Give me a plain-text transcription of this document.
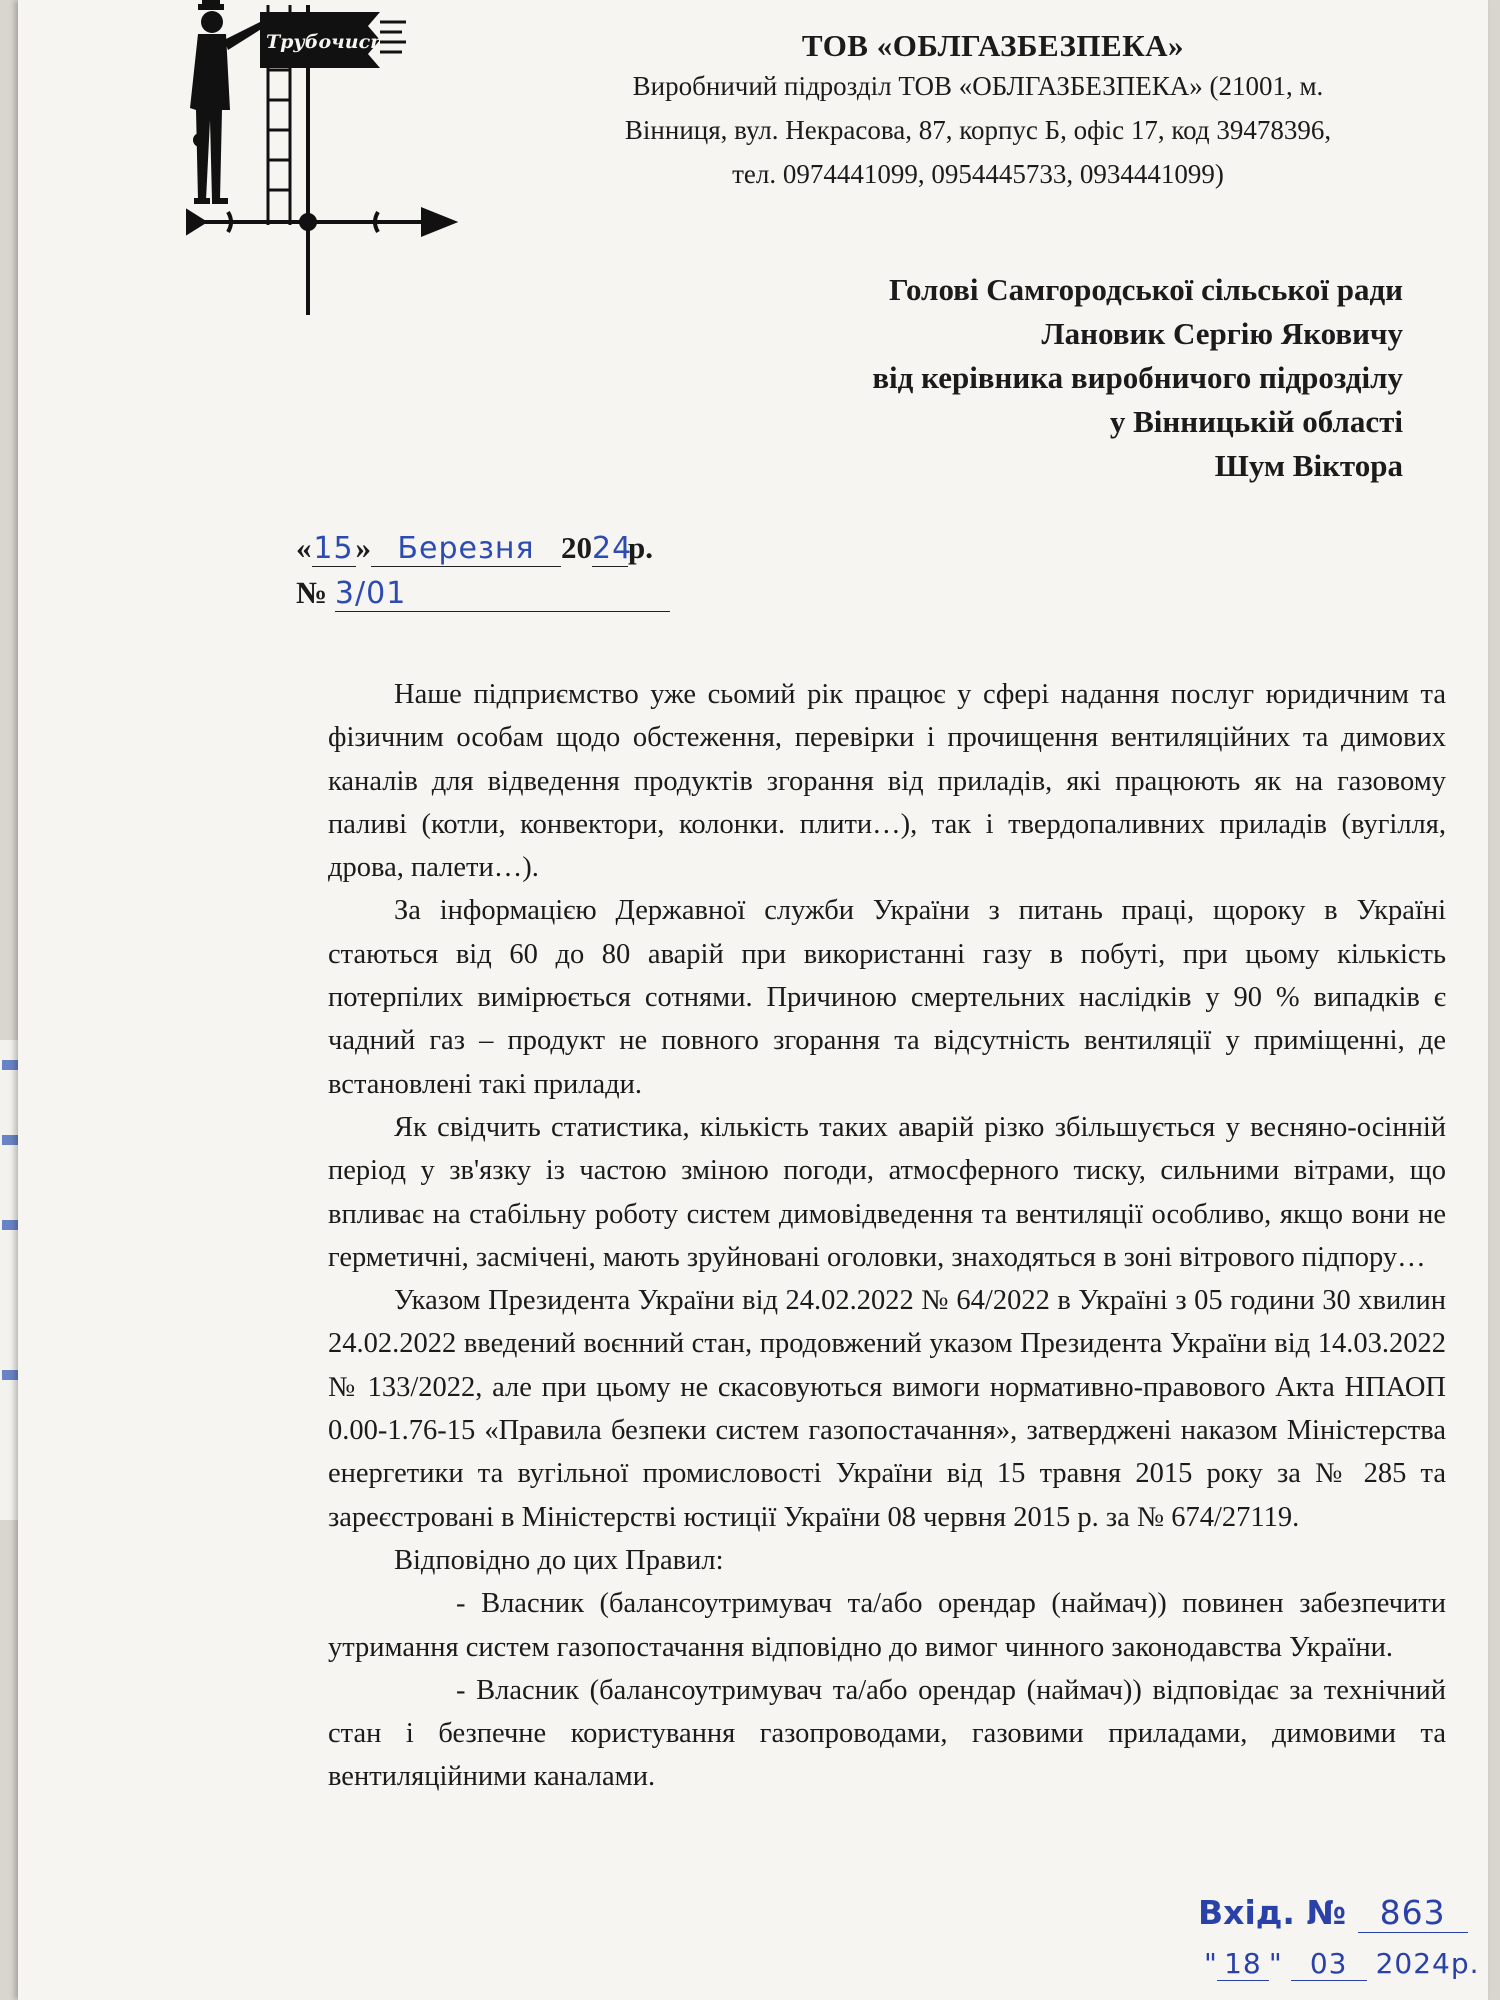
Трубочист	ТОВ «ОБЛГАЗБЕЗПЕКА»
Виробничий підрозділ ТОВ «ОБЛГАЗБЕЗПЕКА» (21001, м.
Вінниця, вул. Некрасова, 87, корпус Б, офіс 17, код 39478396,
тел. 0974441099, 0954445733, 0934441099)
Голові Самгородської сільської ради
Лановик Сергію Яковичу
від керівника виробничого підрозділу
у Вінницькій області
Шум Віктора
«15» Березня 2024р.
№ 3/01

Наше підприємство уже сьомий рік працює у сфері надання послуг юридичним та фізичним особам щодо обстеження, перевірки і прочищення вентиляційних та димових каналів для відведення продуктів згорання від приладів, які працюють як на газовому паливі (котли, конвектори, колонки. плити…), так і твердопаливних приладів (вугілля, дрова, палети…).

За інформацією Державної служби України з питань праці, щороку в Україні стаються від 60 до 80 аварій при використанні газу в побуті, при цьому кількість потерпілих вимірюється сотнями. Причиною смертельних наслідків у 90 % випадків є чадний газ – продукт не повного згорання та відсутність вентиляції у приміщенні, де встановлені такі прилади.

Як свідчить статистика, кількість таких аварій різко збільшується у весняно-осінній період у зв'язку із частою зміною погоди, атмосферного тиску, сильними вітрами, що впливає на стабільну роботу систем димовідведення та вентиляції особливо, якщо вони не герметичні, засмічені, мають зруйновані оголовки, знаходяться в зоні вітрового підпору…

Указом Президента України від 24.02.2022 № 64/2022 в Україні з 05 години 30 хвилин 24.02.2022 введений воєнний стан, продовжений указом Президента України від 14.03.2022 № 133/2022, але при цьому не скасовуються вимоги нормативно-правового Акта НПАОП 0.00-1.76-15 «Правила безпеки систем газопостачання», затверджені наказом Міністерства енергетики та вугільної промисловості України від 15 травня 2015 року за № 285 та зареєстровані в Міністерстві юстиції України 08 червня 2015 р. за № 674/27119.

Відповідно до цих Правил:

- Власник (балансоутримувач та/або орендар (наймач)) повинен забезпечити утримання систем газопостачання відповідно до вимог чинного законодавства України.

- Власник (балансоутримувач та/або орендар (наймач)) відповідає за технічний стан і безпечне користування газопроводами, газовими приладами, димовими та вентиляційними каналами.

Вхід. № 863
" 18 " 03 2024р.
